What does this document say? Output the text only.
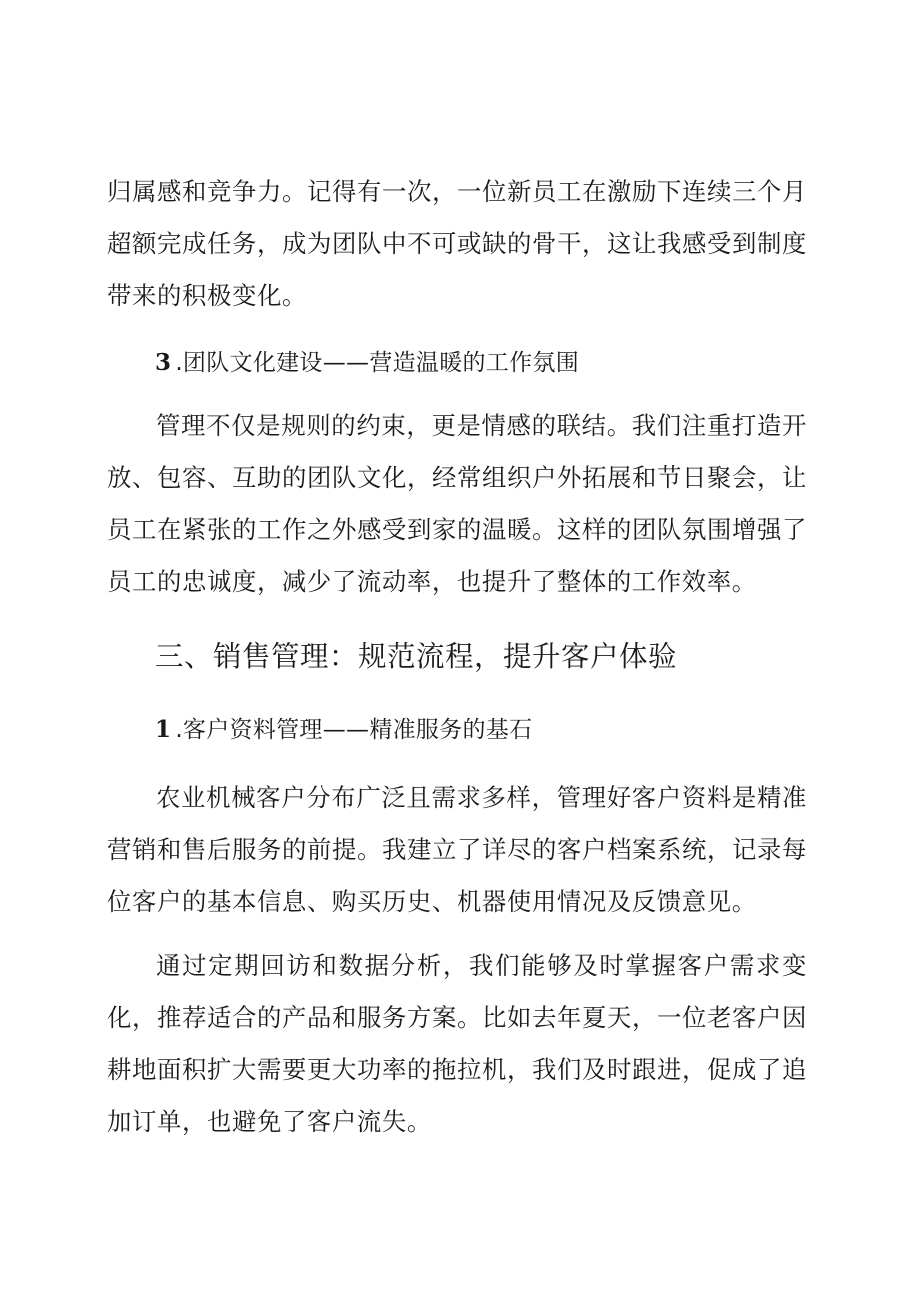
归属感和竞争力。记得有一次，一位新员工在激励下连续三个月超额完成任务，成为团队中不可或缺的骨干，这让我感受到制度带来的积极变化。

3 .团队文化建设——营造温暖的工作氛围

管理不仅是规则的约束，更是情感的联结。我们注重打造开放、包容、互助的团队文化，经常组织户外拓展和节日聚会，让员工在紧张的工作之外感受到家的温暖。这样的团队氛围增强了员工的忠诚度，减少了流动率，也提升了整体的工作效率。

三、销售管理：规范流程，提升客户体验
1 .客户资料管理——精准服务的基石

农业机械客户分布广泛且需求多样，管理好客户资料是精准营销和售后服务的前提。我建立了详尽的客户档案系统，记录每位客户的基本信息、购买历史、机器使用情况及反馈意见。

通过定期回访和数据分析，我们能够及时掌握客户需求变化，推荐适合的产品和服务方案。比如去年夏天，一位老客户因耕地面积扩大需要更大功率的拖拉机，我们及时跟进，促成了追加订单，也避免了客户流失。
